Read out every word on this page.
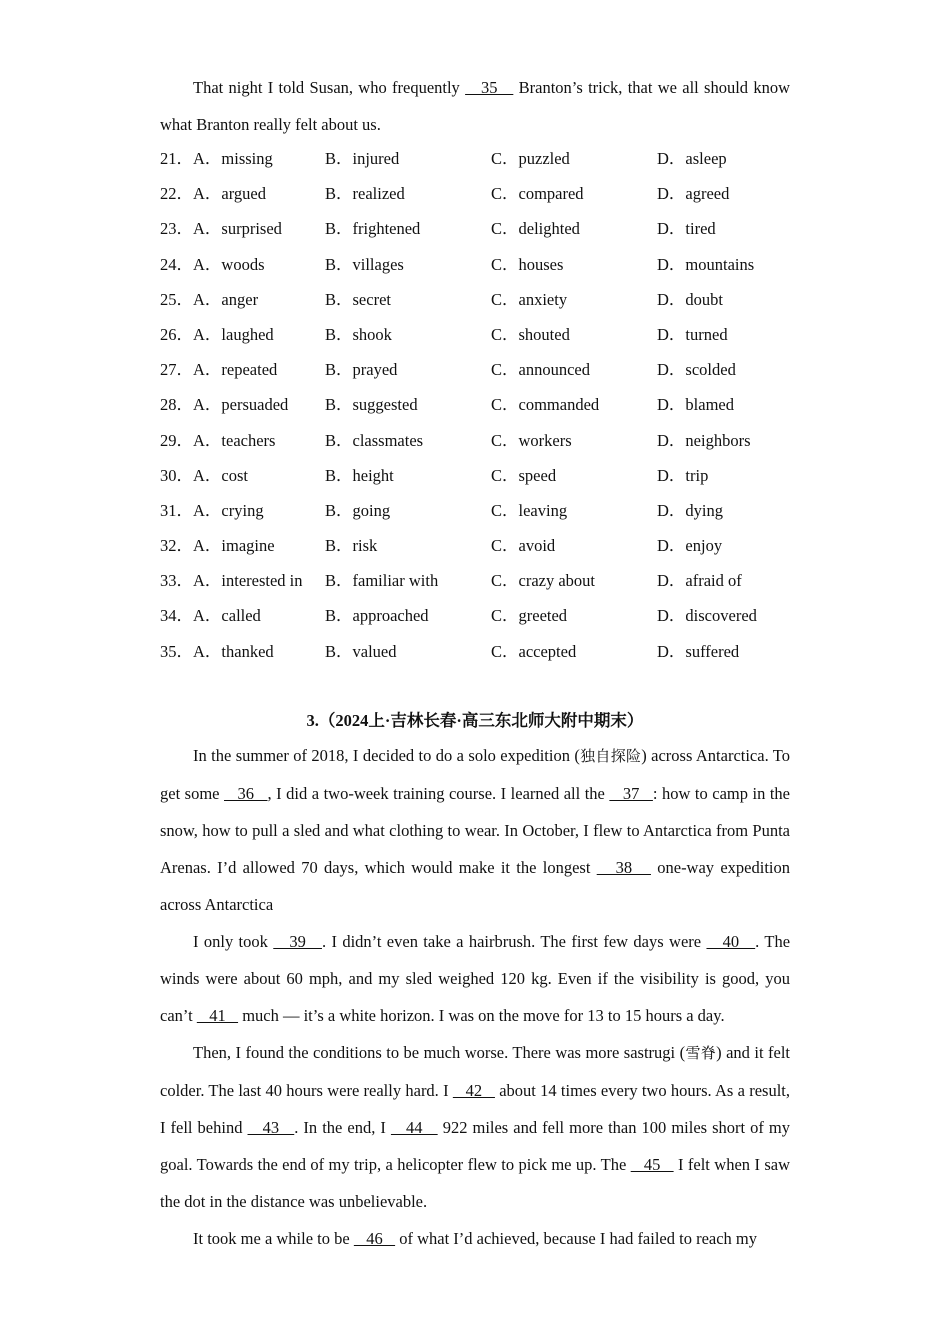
That night I told Susan, who frequently    35    Branton’s trick, that we all should know what Branton really felt about us.

21．A．missing	B．injured	C．puzzled	D．asleep
22．A．argued	B．realized	C．compared	D．agreed
23．A．surprised	B．frightened	C．delighted	D．tired
24．A．woods	B．villages	C．houses	D．mountains
25．A．anger	B．secret	C．anxiety	D．doubt
26．A．laughed	B．shook	C．shouted	D．turned
27．A．repeated	B．prayed	C．announced	D．scolded
28．A．persuaded B．suggested	C．commanded	D．blamed
29．A．teachers	B．classmates	C．workers	D．neighbors
30．A．cost	B．height	C．speed	D．trip
31．A．crying	B．going	C．leaving	D．dying
32．A．imagine	B．risk	C．avoid	D．enjoy
33．A．interested in B．familiar with	C．crazy about	D．afraid of
34．A．called	B．approached	C．greeted	D．discovered
35．A．thanked	B．valued	C．accepted	D．suffered
3.（2024上·吉林长春·高三东北师大附中期末）

In the summer of 2018, I decided to do a solo expedition (独自探险) across Antarctica. To get some    36   , I did a two-week training course. I learned all the    37   : how to camp in the snow, how to pull a sled and what clothing to wear. In October, I flew to Antarctica from Punta Arenas. I’d allowed 70 days, which would make it the longest    38    one-way expedition across Antarctica

I only took    39   . I didn’t even take a hairbrush. The first few days were    40   . The winds were about 60 mph, and my sled weighed 120 kg. Even if the visibility is good, you can’t    41    much — it’s a white horizon. I was on the move for 13 to 15 hours a day.

Then, I found the conditions to be much worse. There was more sastrugi (雪脊) and it felt colder. The last 40 hours were really hard. I    42    about 14 times every two hours. As a result, I fell behind    43   . In the end, I    44    922 miles and fell more than 100 miles short of my goal. Towards the end of my trip, a helicopter flew to pick me up. The    45    I felt when I saw the dot in the distance was unbelievable.

It took me a while to be    46    of what I’d achieved, because I had failed to reach my
